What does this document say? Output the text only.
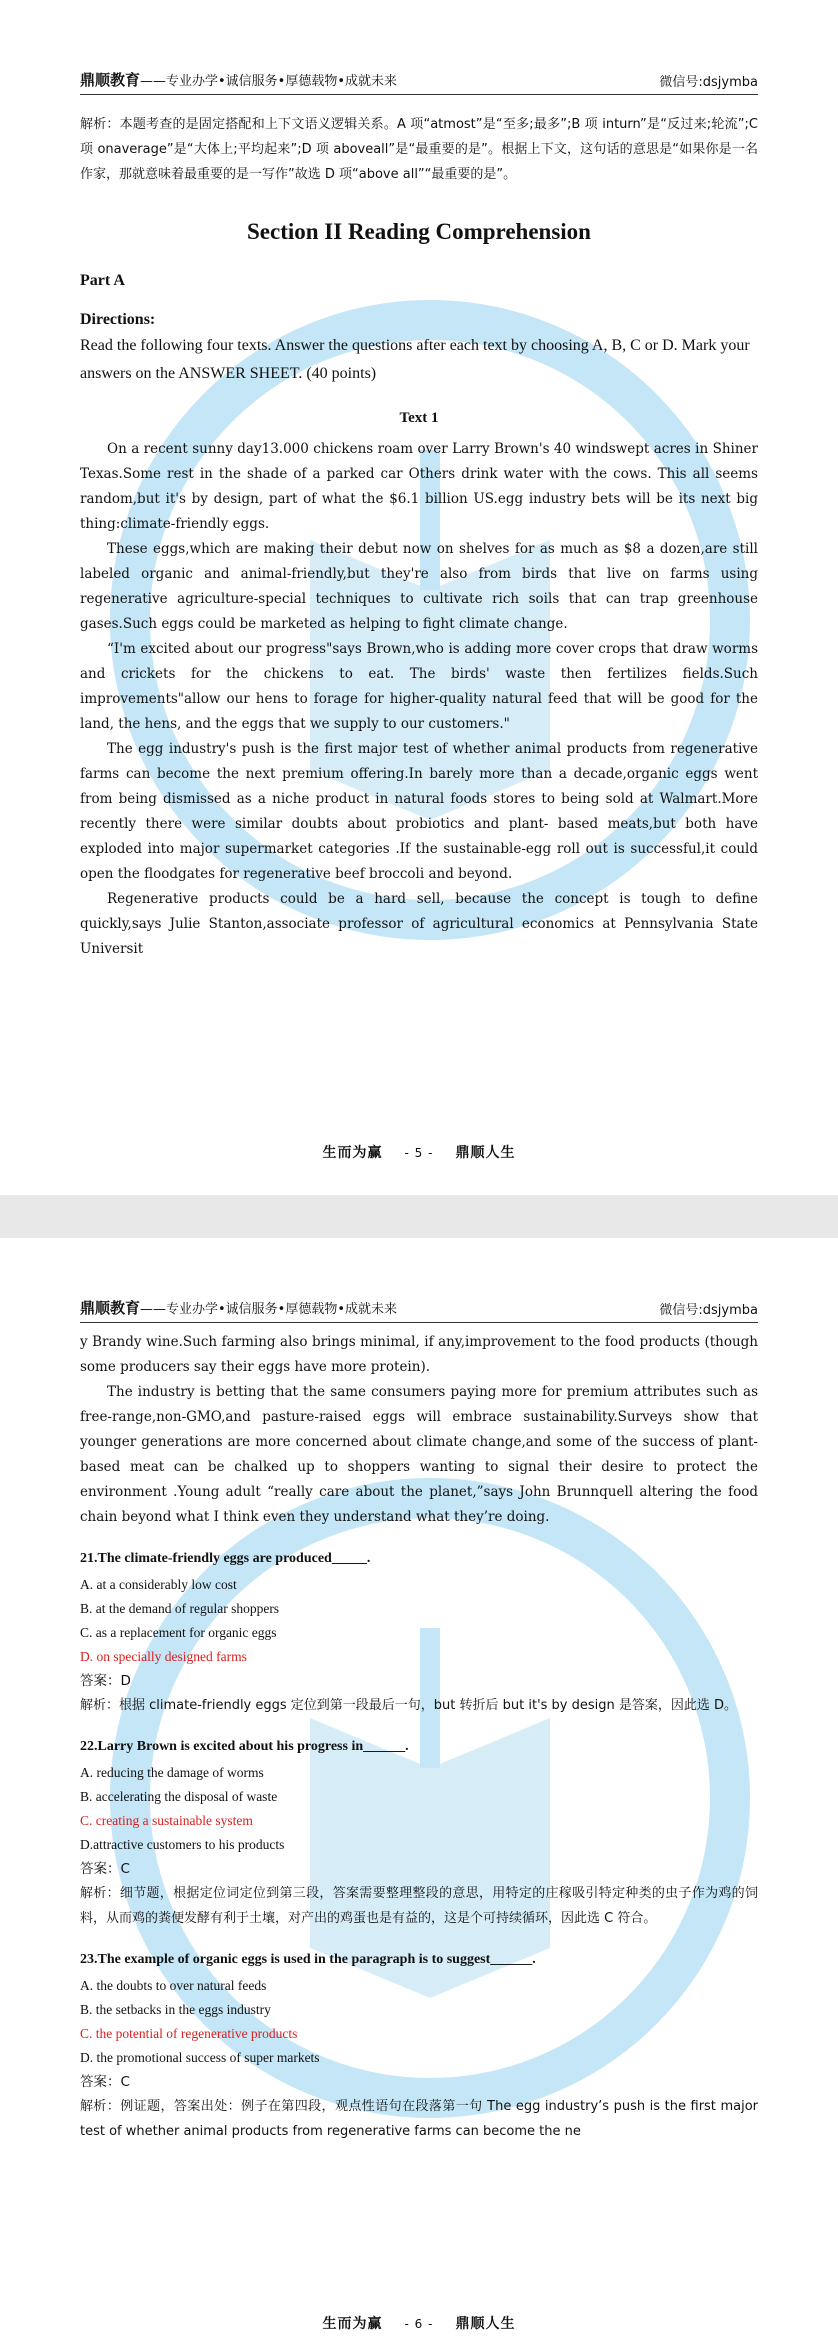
鼎顺教育——专业办学•诚信服务•厚德载物•成就未来	微信号:dsjymba

解析：本题考查的是固定搭配和上下文语义逻辑关系。A 项“atmost”是“至多;最多”;B 项 inturn”是“反过来;轮流”;C 项 onaverage”是“大体上;平均起来”;D 项 aboveall”是“最重要的是”。根据上下文，这句话的意思是“如果你是一名作家，那就意味着最重要的是一写作”故选 D 项“above all”“最重要的是”。

Section II Reading Comprehension
Part A
Directions:

Read the following four texts. Answer the questions after each text by choosing A, B, C or D. Mark your answers on the ANSWER SHEET. (40 points)

Text 1

On a recent sunny day13.000 chickens roam over Larry Brown's 40 windswept acres in Shiner Texas.Some rest in the shade of a parked car Others drink water with the cows. This all seems random,but it's by design, part of what the $6.1 billion US.egg industry bets will be its next big thing:climate-friendly eggs.

These eggs,which are making their debut now on shelves for as much as $8 a dozen,are still labeled organic and animal-friendly,but they're also from birds that live on farms using regenerative agriculture-special techniques to cultivate rich soils that can trap greenhouse gases.Such eggs could be marketed as helping to fight climate change.

“I'm excited about our progress"says Brown,who is adding more cover crops that draw worms and crickets for the chickens to eat. The birds' waste then fertilizes fields.Such improvements"allow our hens to forage for higher-quality natural feed that will be good for the land, the hens, and the eggs that we supply to our customers."

The egg industry's push is the first major test of whether animal products from regenerative farms can become the next premium offering.In barely more than a decade,organic eggs went from being dismissed as a niche product in natural foods stores to being sold at Walmart.More recently there were similar doubts about probiotics and plant- based meats,but both have exploded into major supermarket categories .If the sustainable-egg roll out is successful,it could open the floodgates for regenerative beef broccoli and beyond.

Regenerative products could be a hard sell, because the concept is tough to define quickly,says Julie Stanton,associate professor of agricultural economics at Pennsylvania State Universit

生而为赢 - 5 - 鼎顺人生
鼎顺教育——专业办学•诚信服务•厚德载物•成就未来	微信号:dsjymba

y Brandy wine.Such farming also brings minimal, if any,improvement to the food products (though some producers say their eggs have more protein).

The industry is betting that the same consumers paying more for premium attributes such as free-range,non-GMO,and pasture-raised eggs will embrace sustainability.Surveys show that younger generations are more concerned about climate change,and some of the success of plant-based meat can be chalked up to shoppers wanting to signal their desire to protect the environment .Young adult “really care about the planet,”says John Brunnquell altering the food chain beyond what I think even they understand what they’re doing.

21.The climate-friendly eggs are produced_____.

A. at a considerably low cost

B. at the demand of regular shoppers

C. as a replacement for organic eggs

D. on specially designed farms

答案：D

解析：根据 climate-friendly eggs 定位到第一段最后一句，but 转折后 but it's by design 是答案，因此选 D。

22.Larry Brown is excited about his progress in______.

A. reducing the damage of worms

B. accelerating the disposal of waste

C. creating a sustainable system

D.attractive customers to his products

答案：C

解析：细节题，根据定位词定位到第三段，答案需要整理整段的意思，用特定的庄稼吸引特定种类的虫子作为鸡的饲料，从而鸡的粪便发酵有利于土壤，对产出的鸡蛋也是有益的，这是个可持续循环，因此选 C 符合。

23.The example of organic eggs is used in the paragraph is to suggest______.

A. the doubts to over natural feeds

B. the setbacks in the eggs industry

C. the potential of regenerative products

D. the promotional success of super markets

答案：C

解析：例证题，答案出处：例子在第四段，观点性语句在段落第一句 The egg industry’s push is the first major test of whether animal products from regenerative farms can become the ne

生而为赢 - 6 - 鼎顺人生
